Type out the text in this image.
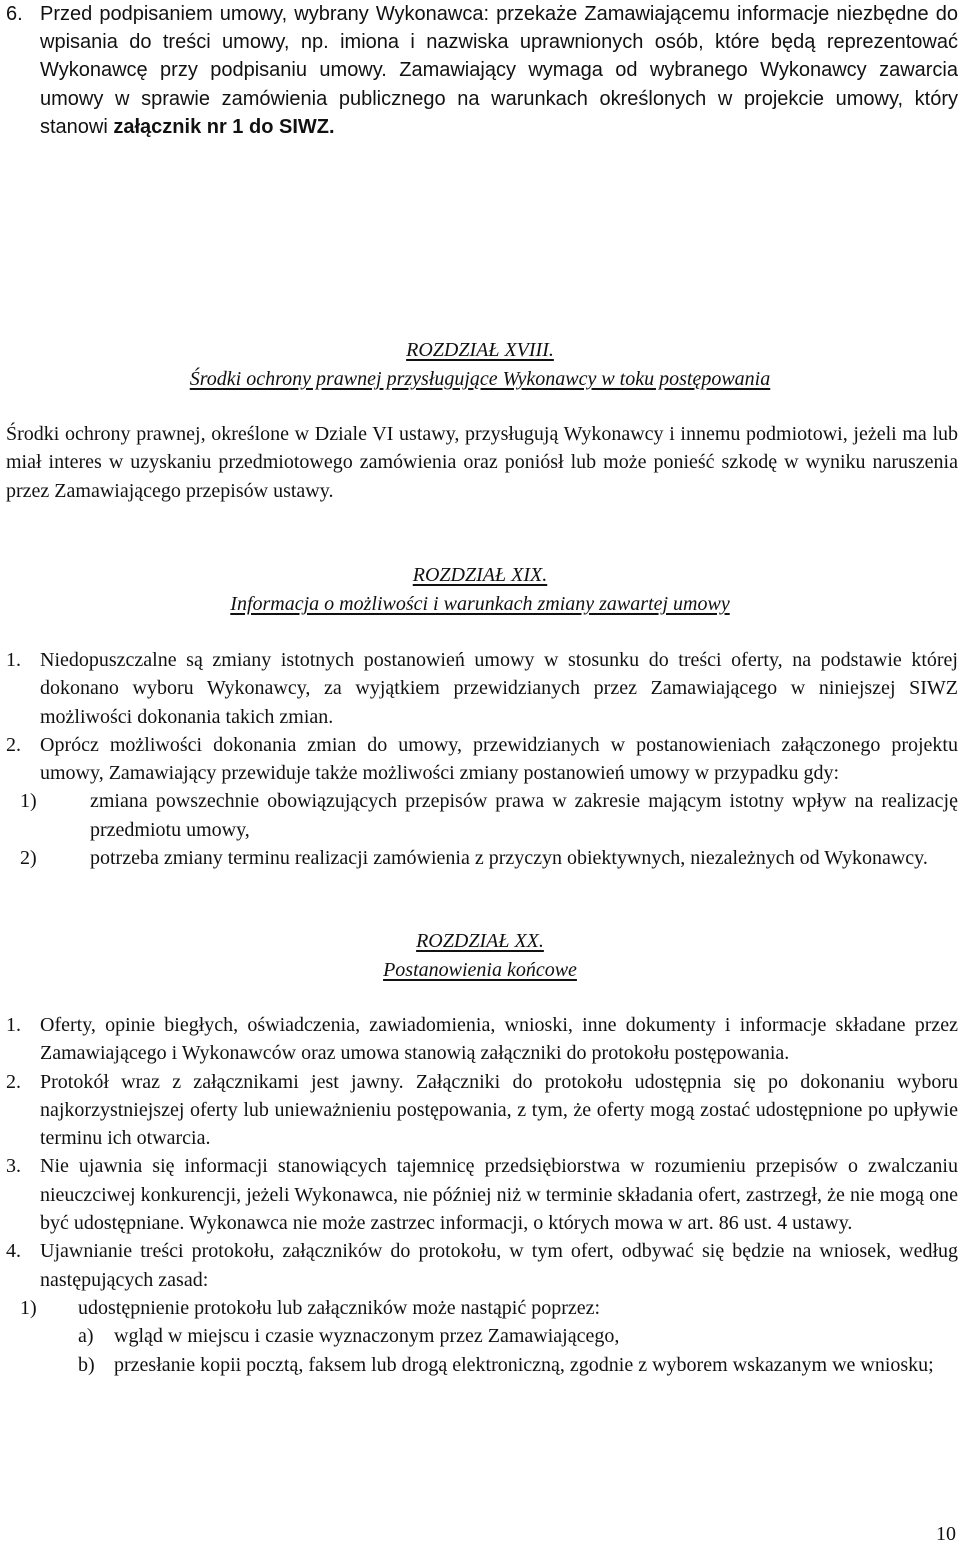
6. Przed podpisaniem umowy, wybrany Wykonawca: przekaże Zamawiającemu informacje niezbędne do wpisania do treści umowy, np. imiona i nazwiska uprawnionych osób, które będą reprezentować Wykonawcę przy podpisaniu umowy. Zamawiający wymaga od wybranego Wykonawcy zawarcia umowy w sprawie zamówienia publicznego na warunkach określonych w projekcie umowy, który stanowi załącznik nr 1 do SIWZ.
ROZDZIAŁ XVIII.
Środki ochrony prawnej przysługujące Wykonawcy w toku postępowania
Środki ochrony prawnej, określone w Dziale VI ustawy, przysługują Wykonawcy i innemu podmiotowi, jeżeli ma lub miał interes w uzyskaniu przedmiotowego zamówienia oraz poniósł lub może ponieść szkodę w wyniku naruszenia przez Zamawiającego przepisów ustawy.
ROZDZIAŁ XIX.
Informacja o możliwości i warunkach zmiany zawartej umowy
1. Niedopuszczalne są zmiany istotnych postanowień umowy w stosunku do treści oferty, na podstawie której dokonano wyboru Wykonawcy, za wyjątkiem przewidzianych przez Zamawiającego w niniejszej SIWZ możliwości dokonania takich zmian.
2. Oprócz możliwości dokonania zmian do umowy, przewidzianych w postanowieniach załączonego projektu umowy, Zamawiający przewiduje także możliwości zmiany postanowień umowy w przypadku gdy:
1)	zmiana powszechnie obowiązujących przepisów prawa w zakresie mającym istotny wpływ na realizację przedmiotu umowy,
2)	potrzeba zmiany terminu realizacji zamówienia z przyczyn obiektywnych, niezależnych od Wykonawcy.
ROZDZIAŁ XX.
Postanowienia końcowe
1. Oferty, opinie biegłych, oświadczenia, zawiadomienia, wnioski, inne dokumenty i informacje składane przez Zamawiającego i Wykonawców oraz umowa stanowią załączniki do protokołu postępowania.
2. Protokół wraz z załącznikami jest jawny. Załączniki do protokołu udostępnia się po dokonaniu wyboru najkorzystniejszej oferty lub unieważnieniu postępowania, z tym, że oferty mogą zostać udostępnione po upływie terminu ich otwarcia.
3. Nie ujawnia się informacji stanowiących tajemnicę przedsiębiorstwa w rozumieniu przepisów o zwalczaniu nieuczciwej konkurencji, jeżeli Wykonawca, nie później niż w terminie składania ofert, zastrzegł, że nie mogą one być udostępniane. Wykonawca nie może zastrzec informacji, o których mowa w art. 86 ust. 4 ustawy.
4. Ujawnianie treści protokołu, załączników do protokołu, w tym ofert, odbywać się będzie na wniosek, według następujących zasad:
1) udostępnienie protokołu lub załączników może nastąpić poprzez:
a) wgląd w miejscu i czasie wyznaczonym przez Zamawiającego,
b) przesłanie kopii pocztą, faksem lub drogą elektroniczną, zgodnie z wyborem wskazanym we wniosku;
10
